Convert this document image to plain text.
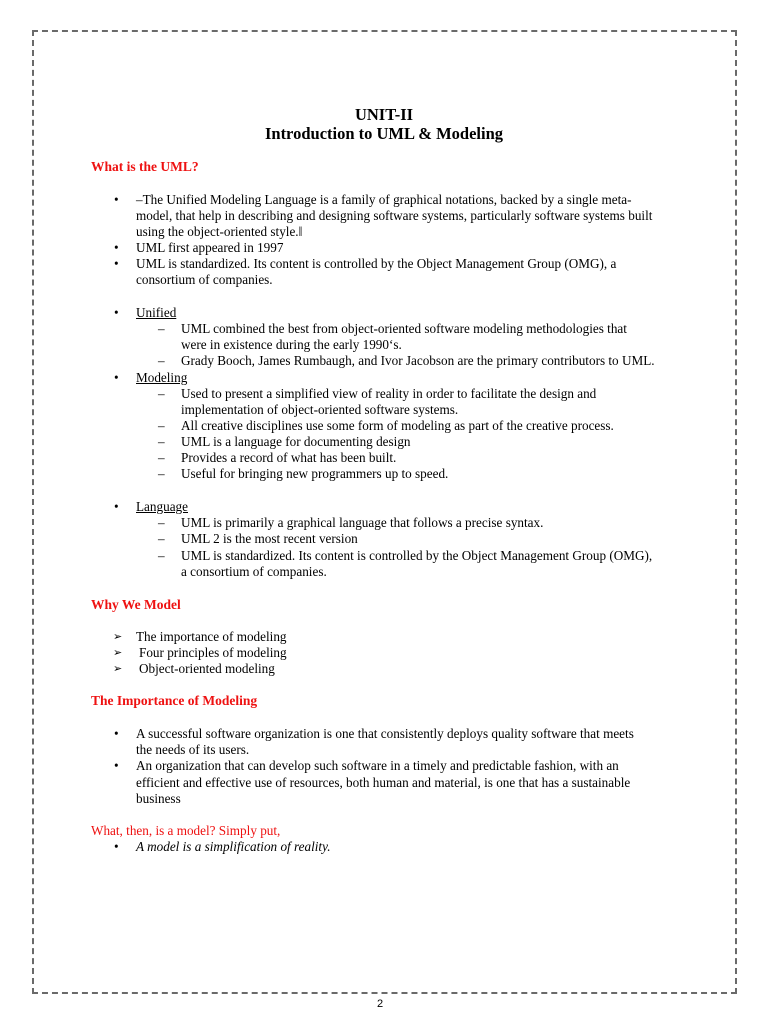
UNIT-II
Introduction to UML & Modeling
What is the UML?
• –The Unified Modeling Language is a family of graphical notations, backed by a single meta-
model, that help in describing and designing software systems, particularly software systems built
using the object-oriented style.‖
• UML first appeared in 1997
• UML is standardized. Its content is controlled by the Object Management Group (OMG), a
consortium of companies.
• Unified
– UML combined the best from object-oriented software modeling methodologies that
were in existence during the early 1990‘s.
– Grady Booch, James Rumbaugh, and Ivor Jacobson are the primary contributors to UML.
• Modeling
– Used to present a simplified view of reality in order to facilitate the design and
implementation of object-oriented software systems.
– All creative disciplines use some form of modeling as part of the creative process.
– UML is a language for documenting design
– Provides a record of what has been built.
– Useful for bringing new programmers up to speed.
• Language
– UML is primarily a graphical language that follows a precise syntax.
– UML 2 is the most recent version
– UML is standardized. Its content is controlled by the Object Management Group (OMG),
a consortium of companies.
Why We Model
➢ The importance of modeling
➢ Four principles of modeling
➢ Object-oriented modeling
The Importance of Modeling
• A successful software organization is one that consistently deploys quality software that meets
the needs of its users.
• An organization that can develop such software in a timely and predictable fashion, with an
efficient and effective use of resources, both human and material, is one that has a sustainable
business
What, then, is a model? Simply put,
• A model is a simplification of reality.
2
